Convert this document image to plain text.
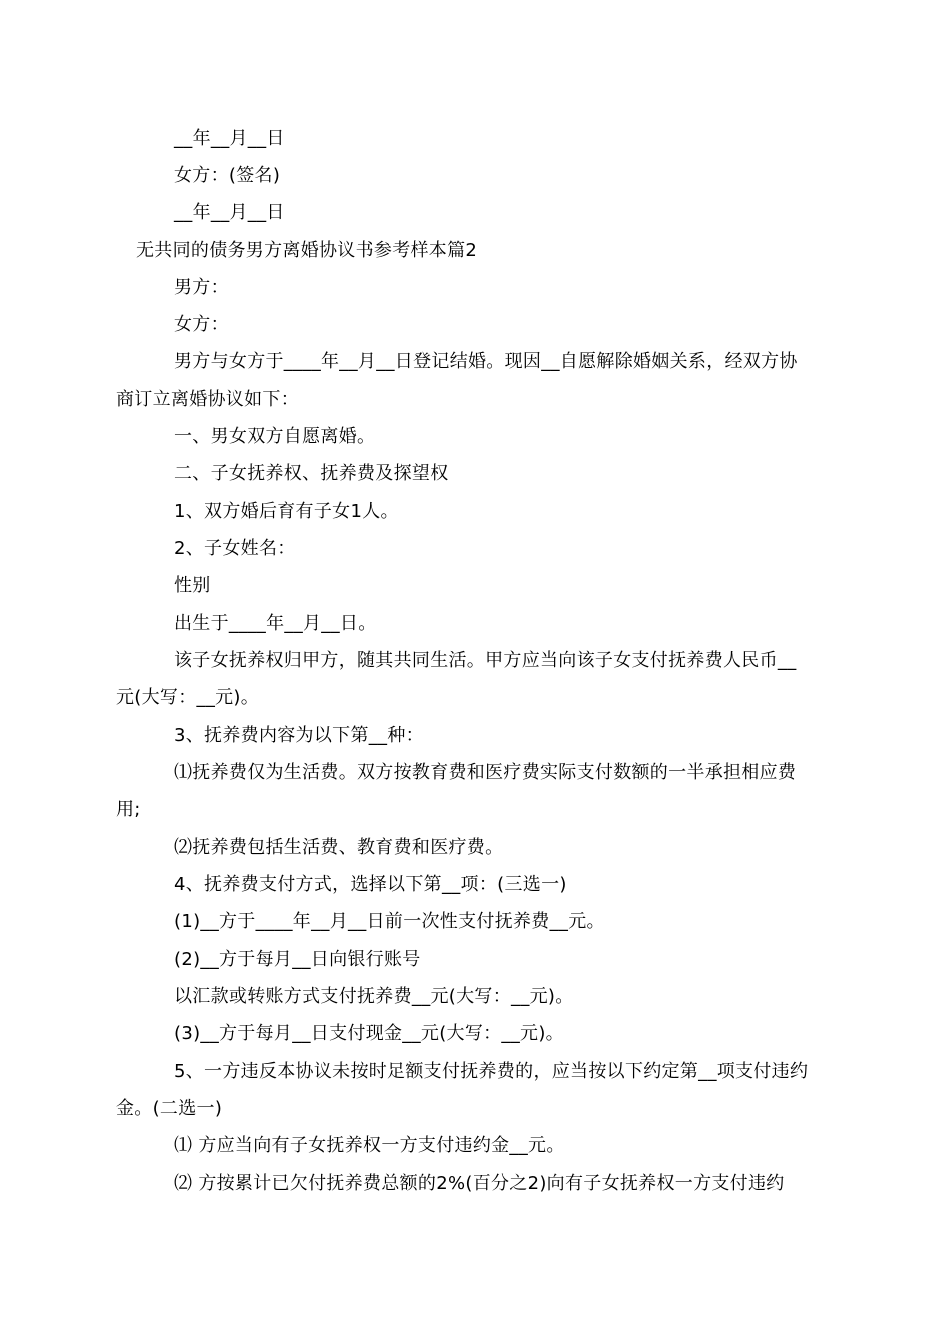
__年__月__日
女方：(签名)
__年__月__日
无共同的债务男方离婚协议书参考样本篇2
男方：
女方：
男方与女方于____年__月__日登记结婚。现因__自愿解除婚姻关系，经双方协
商订立离婚协议如下：
一、男女双方自愿离婚。
二、子女抚养权、抚养费及探望权
1、双方婚后育有子女1人。
2、子女姓名：
性别
出生于____年__月__日。
该子女抚养权归甲方，随其共同生活。甲方应当向该子女支付抚养费人民币__
元(大写：__元)。
3、抚养费内容为以下第__种：
⑴抚养费仅为生活费。双方按教育费和医疗费实际支付数额的一半承担相应费
用;
⑵抚养费包括生活费、教育费和医疗费。
4、抚养费支付方式，选择以下第__项：(三选一)
(1)__方于____年__月__日前一次性支付抚养费__元。
(2)__方于每月__日向银行账号
以汇款或转账方式支付抚养费__元(大写：__元)。
(3)__方于每月__日支付现金__元(大写：__元)。
5、一方违反本协议未按时足额支付抚养费的，应当按以下约定第__项支付违约
金。(二选一)
⑴ 方应当向有子女抚养权一方支付违约金__元。
⑵ 方按累计已欠付抚养费总额的2%(百分之2)向有子女抚养权一方支付违约
